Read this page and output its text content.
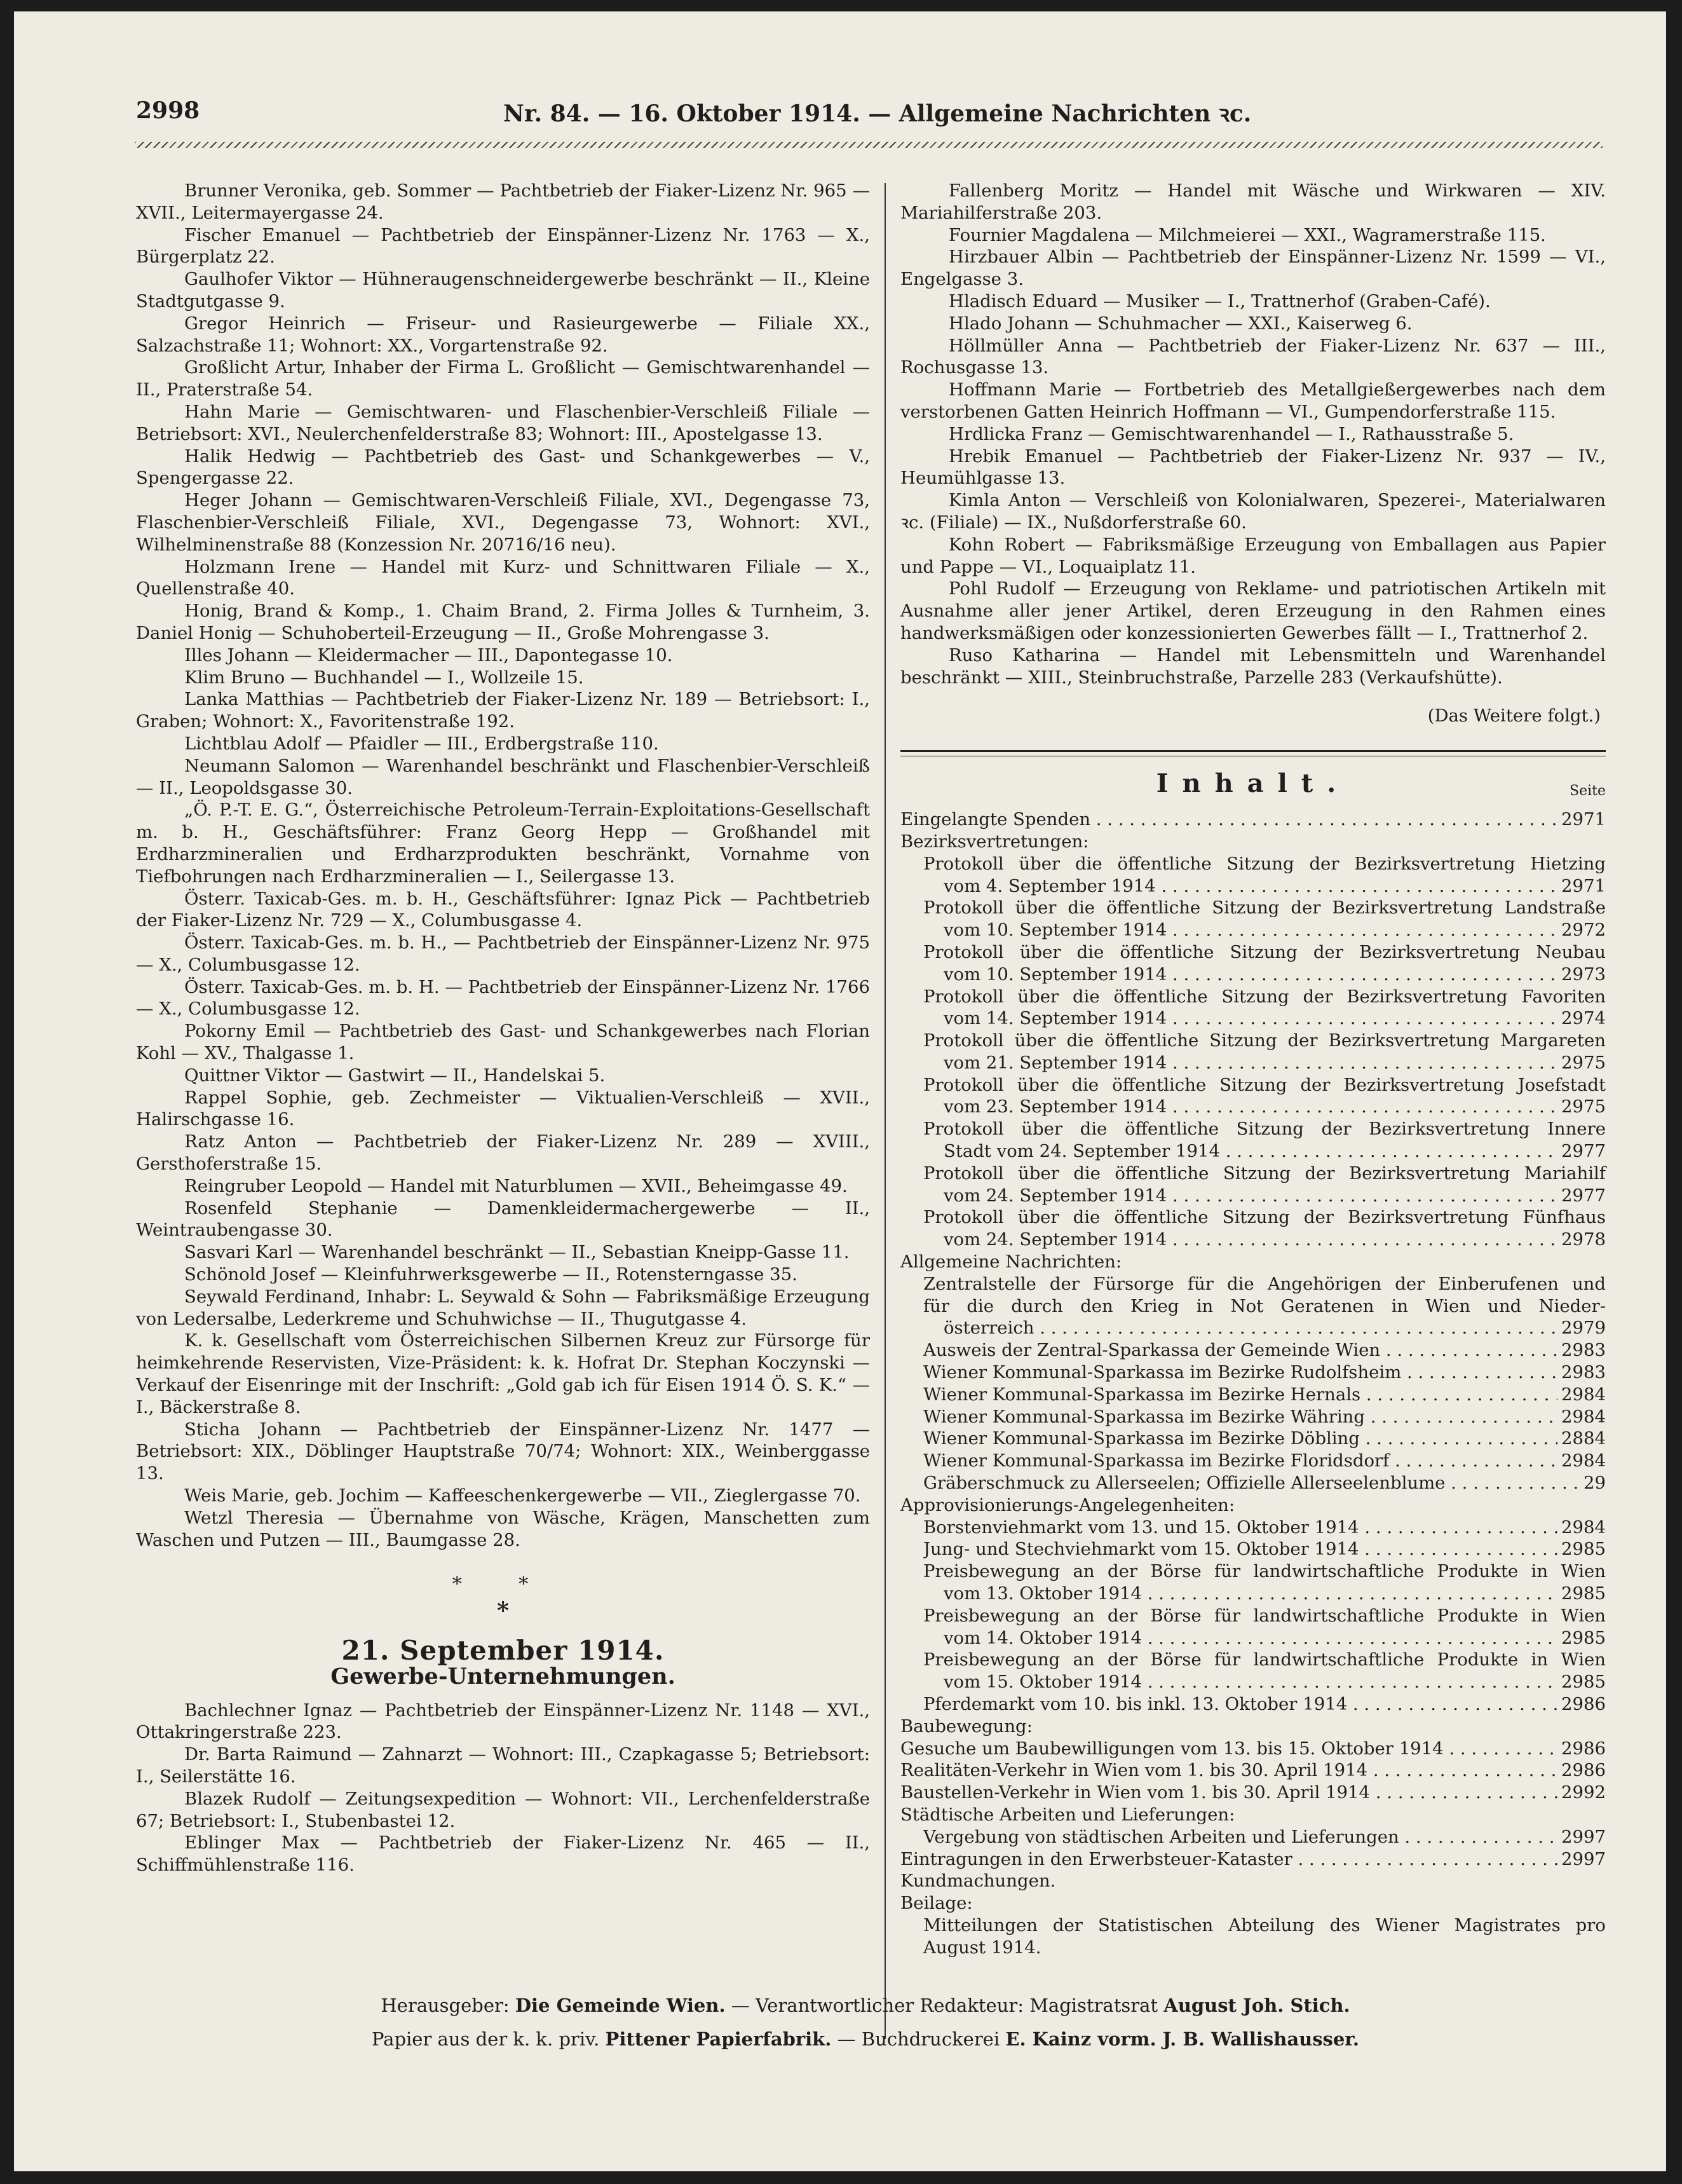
2998	Nr. 84. — 16. Oktober 1914. — Allgemeine Nachrichten ꝛc.

Brunner Veronika, geb. Sommer — Pachtbetrieb der Fiaker-Lizenz Nr. 965 — XVII., Leitermayergasse 24.

Fischer Emanuel — Pachtbetrieb der Einspänner-Lizenz Nr. 1763 — X., Bürgerplatz 22.

Gaulhofer Viktor — Hühneraugenschneidergewerbe beschränkt — II., Kleine Stadtgutgasse 9.

Gregor Heinrich — Friseur- und Rasieurgewerbe — Filiale XX., Salzachstraße 11; Wohnort: XX., Vorgartenstraße 92.

Großlicht Artur, Inhaber der Firma L. Großlicht — Gemischtwarenhandel — II., Praterstraße 54.

Hahn Marie — Gemischtwaren- und Flaschenbier-Verschleiß Filiale — Betriebsort: XVI., Neulerchenfelderstraße 83; Wohnort: III., Apostelgasse 13.

Halik Hedwig — Pachtbetrieb des Gast- und Schankgewerbes — V., Spengergasse 22.

Heger Johann — Gemischtwaren-Verschleiß Filiale, XVI., Degengasse 73, Flaschenbier-Verschleiß Filiale, XVI., Degengasse 73, Wohnort: XVI., Wilhelminenstraße 88 (Konzession Nr. 20716/16 neu).

Holzmann Irene — Handel mit Kurz- und Schnittwaren Filiale — X., Quellenstraße 40.

Honig, Brand & Komp., 1. Chaim Brand, 2. Firma Jolles & Turnheim, 3. Daniel Honig — Schuhoberteil-Erzeugung — II., Große Mohrengasse 3.

Illes Johann — Kleidermacher — III., Dapontegasse 10.

Klim Bruno — Buchhandel — I., Wollzeile 15.

Lanka Matthias — Pachtbetrieb der Fiaker-Lizenz Nr. 189 — Betriebsort: I., Graben; Wohnort: X., Favoritenstraße 192.

Lichtblau Adolf — Pfaidler — III., Erdbergstraße 110.

Neumann Salomon — Warenhandel beschränkt und Flaschenbier-Verschleiß — II., Leopoldsgasse 30.

„Ö. P.-T. E. G.“, Österreichische Petroleum-Terrain-Exploitations-Gesellschaft m. b. H., Geschäftsführer: Franz Georg Hepp — Großhandel mit Erdharzmineralien und Erdharzprodukten beschränkt, Vornahme von Tiefbohrungen nach Erdharzmineralien — I., Seilergasse 13.

Österr. Taxicab-Ges. m. b. H., Geschäftsführer: Ignaz Pick — Pachtbetrieb der Fiaker-Lizenz Nr. 729 — X., Columbusgasse 4.

Österr. Taxicab-Ges. m. b. H., — Pachtbetrieb der Einspänner-Lizenz Nr. 975 — X., Columbusgasse 12.

Österr. Taxicab-Ges. m. b. H. — Pachtbetrieb der Einspänner-Lizenz Nr. 1766 — X., Columbusgasse 12.

Pokorny Emil — Pachtbetrieb des Gast- und Schankgewerbes nach Florian Kohl — XV., Thalgasse 1.

Quittner Viktor — Gastwirt — II., Handelskai 5.

Rappel Sophie, geb. Zechmeister — Viktualien-Verschleiß — XVII., Halirschgasse 16.

Ratz Anton — Pachtbetrieb der Fiaker-Lizenz Nr. 289 — XVIII., Gersthoferstraße 15.

Reingruber Leopold — Handel mit Naturblumen — XVII., Beheimgasse 49.

Rosenfeld Stephanie — Damenkleidermachergewerbe — II., Weintraubengasse 30.

Sasvari Karl — Warenhandel beschränkt — II., Sebastian Kneipp-Gasse 11.

Schönold Josef — Kleinfuhrwerksgewerbe — II., Rotensterngasse 35.

Seywald Ferdinand, Inhabr: L. Seywald & Sohn — Fabriksmäßige Erzeugung von Ledersalbe, Lederkreme und Schuhwichse — II., Thugutgasse 4.

K. k. Gesellschaft vom Österreichischen Silbernen Kreuz zur Fürsorge für heimkehrende Reservisten, Vize-Präsident: k. k. Hofrat Dr. Stephan Koczynski — Verkauf der Eisenringe mit der Inschrift: „Gold gab ich für Eisen 1914 Ö. S. K.“ — I., Bäckerstraße 8.

Sticha Johann — Pachtbetrieb der Einspänner-Lizenz Nr. 1477 — Betriebsort: XIX., Döblinger Hauptstraße 70/74; Wohnort: XIX., Weinberggasse 13.

Weis Marie, geb. Jochim — Kaffeeschenkergewerbe — VII., Zieglergasse 70.

Wetzl Theresia — Übernahme von Wäsche, Krägen, Manschetten zum Waschen und Putzen — III., Baumgasse 28.

* *
*
21. September 1914.
Gewerbe-Unternehmungen.

Bachlechner Ignaz — Pachtbetrieb der Einspänner-Lizenz Nr. 1148 — XVI., Ottakringerstraße 223.

Dr. Barta Raimund — Zahnarzt — Wohnort: III., Czapkagasse 5; Betriebsort: I., Seilerstätte 16.

Blazek Rudolf — Zeitungsexpedition — Wohnort: VII., Lerchenfelderstraße 67; Betriebsort: I., Stubenbastei 12.

Eblinger Max — Pachtbetrieb der Fiaker-Lizenz Nr. 465 — II., Schiffmühlenstraße 116.

Fallenberg Moritz — Handel mit Wäsche und Wirkwaren — XIV. Mariahilferstraße 203.

Fournier Magdalena — Milchmeierei — XXI., Wagramerstraße 115.

Hirzbauer Albin — Pachtbetrieb der Einspänner-Lizenz Nr. 1599 — VI., Engelgasse 3.

Hladisch Eduard — Musiker — I., Trattnerhof (Graben-Café).

Hlado Johann — Schuhmacher — XXI., Kaiserweg 6.

Höllmüller Anna — Pachtbetrieb der Fiaker-Lizenz Nr. 637 — III., Rochusgasse 13.

Hoffmann Marie — Fortbetrieb des Metallgießergewerbes nach dem verstorbenen Gatten Heinrich Hoffmann — VI., Gumpendorferstraße 115.

Hrdlicka Franz — Gemischtwarenhandel — I., Rathausstraße 5.

Hrebik Emanuel — Pachtbetrieb der Fiaker-Lizenz Nr. 937 — IV., Heumühlgasse 13.

Kimla Anton — Verschleiß von Kolonialwaren, Spezerei-, Materialwaren ꝛc. (Filiale) — IX., Nußdorferstraße 60.

Kohn Robert — Fabriksmäßige Erzeugung von Emballagen aus Papier und Pappe — VI., Loquaiplatz 11.

Pohl Rudolf — Erzeugung von Reklame- und patriotischen Artikeln mit Ausnahme aller jener Artikel, deren Erzeugung in den Rahmen eines handwerksmäßigen oder konzessionierten Gewerbes fällt — I., Trattnerhof 2.

Ruso Katharina — Handel mit Lebensmitteln und Warenhandel beschränkt — XIII., Steinbruchstraße, Parzelle 283 (Verkaufshütte).

(Das Weitere folgt.)
Inhalt.	Seite
Eingelangte Spenden . . .	2971
Bezirksvertretungen:
Protokoll über die öffentliche Sitzung der Bezirksvertretung Hietzing
vom 4. September 1914 . . .	2971
Protokoll über die öffentliche Sitzung der Bezirksvertretung Landstraße
vom 10. September 1914 . . .	2972
Protokoll über die öffentliche Sitzung der Bezirksvertretung Neubau
vom 10. September 1914 . . .	2973
Protokoll über die öffentliche Sitzung der Bezirksvertretung Favoriten
vom 14. September 1914 . . .	2974
Protokoll über die öffentliche Sitzung der Bezirksvertretung Margareten
vom 21. September 1914 . . .	2975
Protokoll über die öffentliche Sitzung der Bezirksvertretung Josefstadt
vom 23. September 1914 . . .	2975
Protokoll über die öffentliche Sitzung der Bezirksvertretung Innere
Stadt vom 24. September 1914 . . .	2977
Protokoll über die öffentliche Sitzung der Bezirksvertretung Mariahilf
vom 24. September 1914 . . .	2977
Protokoll über die öffentliche Sitzung der Bezirksvertretung Fünfhaus
vom 24. September 1914 . . .	2978
Allgemeine Nachrichten:
Zentralstelle der Fürsorge für die Angehörigen der Einberufenen und
für die durch den Krieg in Not Geratenen in Wien und Nieder-
österreich . . .	2979
Ausweis der Zentral-Sparkassa der Gemeinde Wien . . .	2983
Wiener Kommunal-Sparkassa im Bezirke Rudolfsheim . . .	2983
Wiener Kommunal-Sparkassa im Bezirke Hernals . . .	2984
Wiener Kommunal-Sparkassa im Bezirke Währing . . .	2984
Wiener Kommunal-Sparkassa im Bezirke Döbling . . .	2884
Wiener Kommunal-Sparkassa im Bezirke Floridsdorf . . .	2984
Gräberschmuck zu Allerseelen; Offizielle Allerseelenblume . . .	29
Approvisionierungs-Angelegenheiten:
Borstenviehmarkt vom 13. und 15. Oktober 1914 . . .	2984
Jung- und Stechviehmarkt vom 15. Oktober 1914 . . .	2985
Preisbewegung an der Börse für landwirtschaftliche Produkte in Wien
vom 13. Oktober 1914 . . .	2985
Preisbewegung an der Börse für landwirtschaftliche Produkte in Wien
vom 14. Oktober 1914 . . .	2985
Preisbewegung an der Börse für landwirtschaftliche Produkte in Wien
vom 15. Oktober 1914 . . .	2985
Pferdemarkt vom 10. bis inkl. 13. Oktober 1914 . . .	2986
Baubewegung:
Gesuche um Baubewilligungen vom 13. bis 15. Oktober 1914 . . .	2986
Realitäten-Verkehr in Wien vom 1. bis 30. April 1914 . . .	2986
Baustellen-Verkehr in Wien vom 1. bis 30. April 1914 . . .	2992
Städtische Arbeiten und Lieferungen:
Vergebung von städtischen Arbeiten und Lieferungen . . .	2997
Eintragungen in den Erwerbsteuer-Kataster . . .	2997
Kundmachungen.
Beilage:
Mitteilungen der Statistischen Abteilung des Wiener Magistrates pro August 1914.
Herausgeber: Die Gemeinde Wien. — Verantwortlicher Redakteur: Magistratsrat August Joh. Stich.
Papier aus der k. k. priv. Pittener Papierfabrik. — Buchdruckerei E. Kainz vorm. J. B. Wallishausser.
